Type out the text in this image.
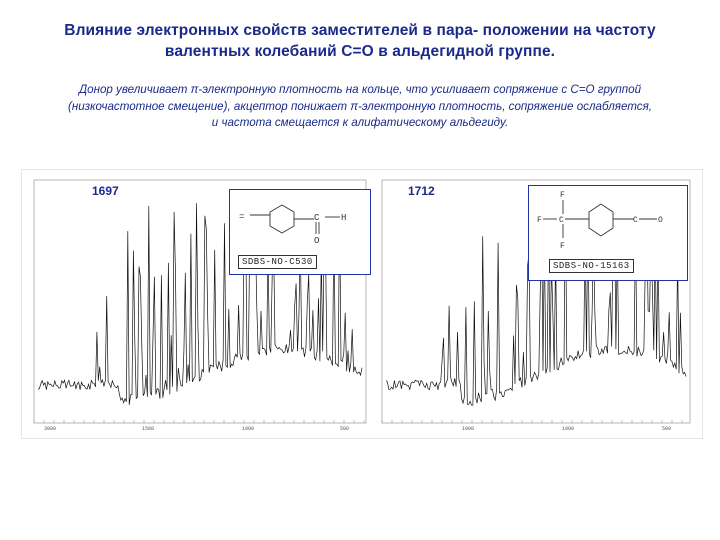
Влияние электронных свойств заместителей в пара- положении на частоту
валентных колебаний С=О в альдегидной группе.
Донор увеличивает π-электронную плотность на кольце, что усиливает сопряжение с С=О группой
(низкочастотное смещение), акцептор понижает π-электронную плотность, сопряжение ослабляется,
и частота смещается к алифатическому альдегиду.
1697	1712
=	C H
O
SDBS-NO-C530
F
F C
F
C	O
SDBS-NO-15163
3000	1500	1000	500	1000	1000	500
